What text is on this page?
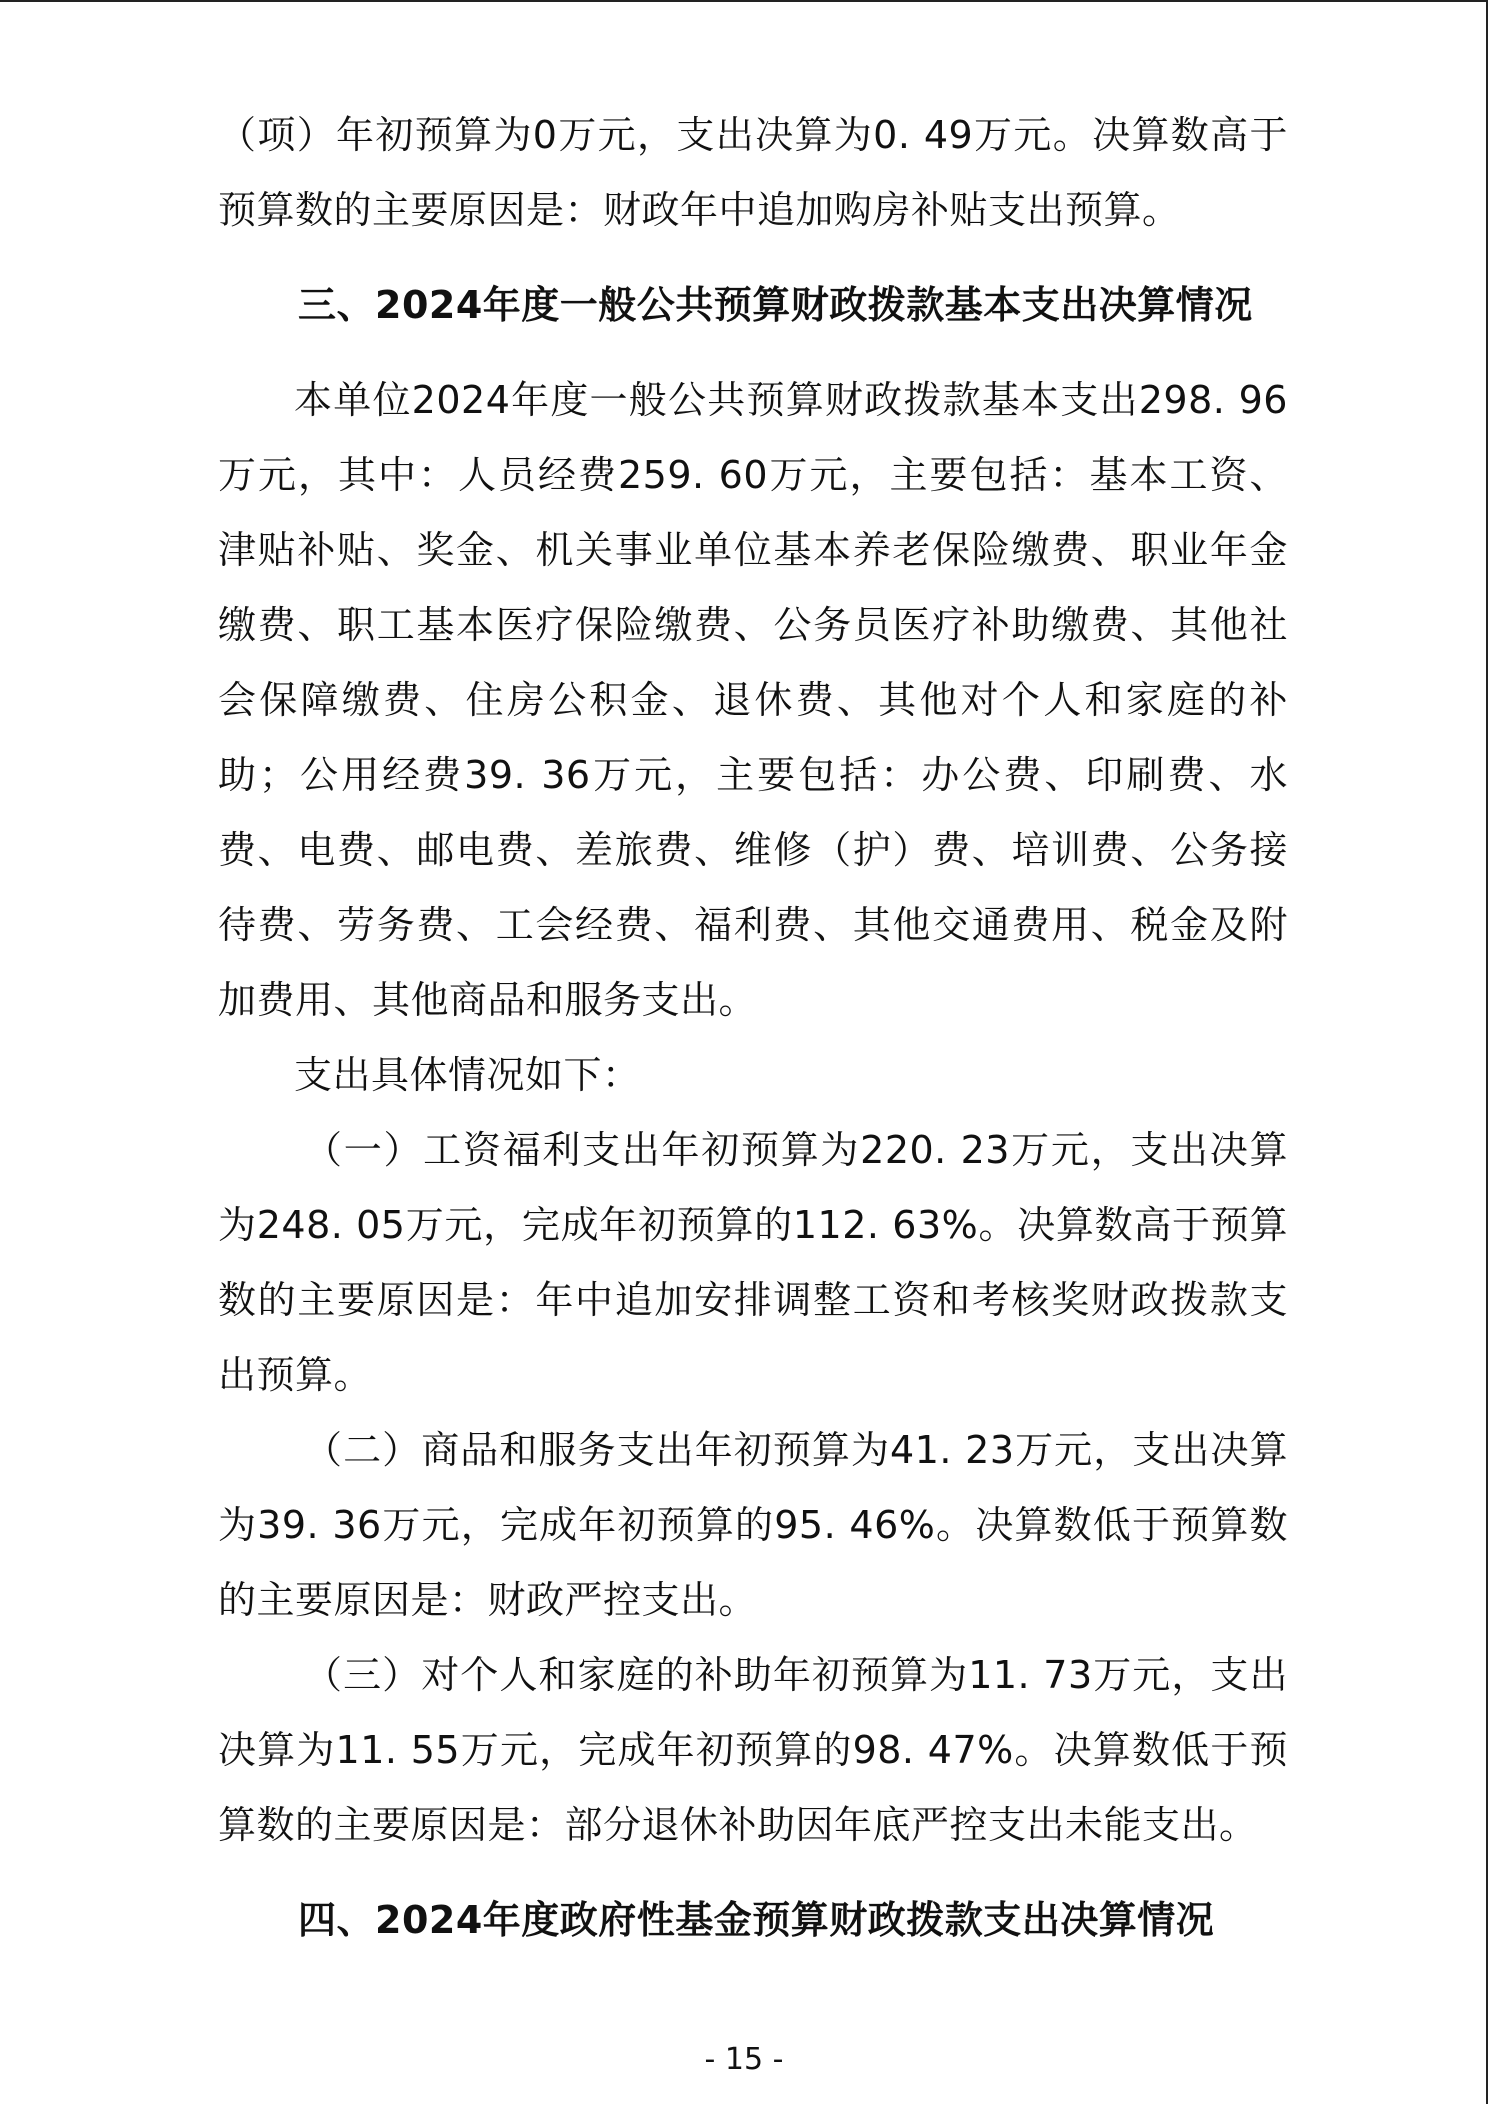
（项）年初预算为0万元，支出决算为0. 49万元。决算数高于预算数的主要原因是：财政年中追加购房补贴支出预算。

三、2024年度一般公共预算财政拨款基本支出决算情况

本单位2024年度一般公共预算财政拨款基本支出298. 96万元，其中：人员经费259. 60万元，主要包括：基本工资、津贴补贴、奖金、机关事业单位基本养老保险缴费、职业年金缴费、职工基本医疗保险缴费、公务员医疗补助缴费、其他社会保障缴费、住房公积金、退休费、其他对个人和家庭的补助；公用经费39. 36万元，主要包括：办公费、印刷费、水费、电费、邮电费、差旅费、维修（护）费、培训费、公务接待费、劳务费、工会经费、福利费、其他交通费用、税金及附加费用、其他商品和服务支出。

支出具体情况如下：

（一）工资福利支出年初预算为220. 23万元，支出决算为248. 05万元，完成年初预算的112. 63%。决算数高于预算数的主要原因是：年中追加安排调整工资和考核奖财政拨款支出预算。

（二）商品和服务支出年初预算为41. 23万元，支出决算为39. 36万元，完成年初预算的95. 46%。决算数低于预算数的主要原因是：财政严控支出。

（三）对个人和家庭的补助年初预算为11. 73万元，支出决算为11. 55万元，完成年初预算的98. 47%。决算数低于预算数的主要原因是：部分退休补助因年底严控支出未能支出。

四、2024年度政府性基金预算财政拨款支出决算情况
- 15 -
